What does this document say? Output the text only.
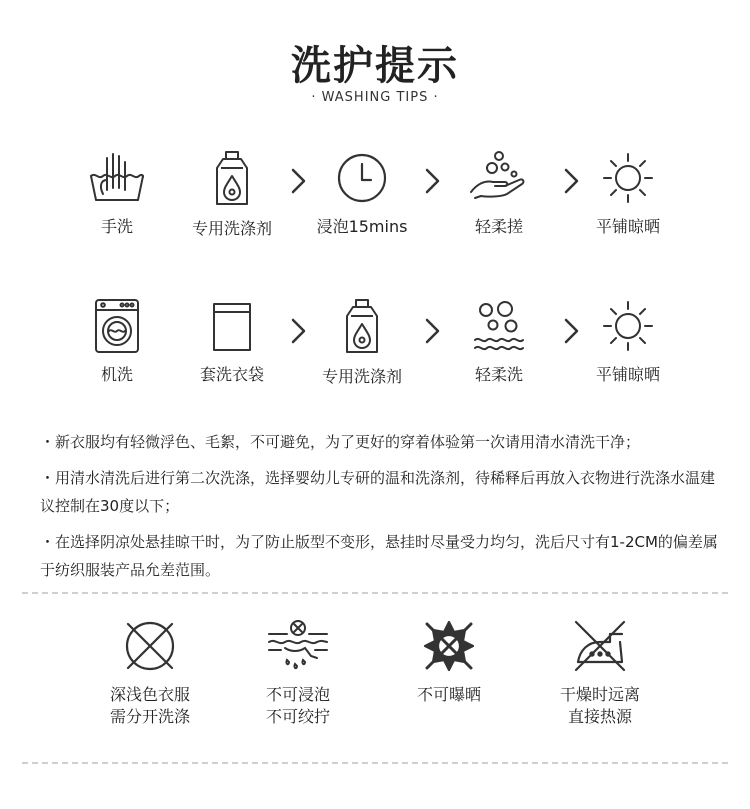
洗护提示
· WASHING TIPS ·
手洗	专用洗涤剂	浸泡15mins	轻柔搓	平铺晾晒
机洗	套洗衣袋	专用洗涤剂	轻柔洗	平铺晾晒

・新衣服均有轻微浮色、毛絮，不可避免，为了更好的穿着体验第一次请用清水清洗干净；

・用清水清洗后进行第二次洗涤，选择婴幼儿专研的温和洗涤剂，待稀释后再放入衣物进行洗涤水温建议控制在30度以下；

・在选择阴凉处悬挂晾干时，为了防止版型不变形，悬挂时尽量受力均匀，洗后尺寸有1-2CM的偏差属于纺织服装产品允差范围。

深浅色衣服
需分开洗涤
不可浸泡
不可绞拧
不可曝晒	干燥时远离
直接热源
